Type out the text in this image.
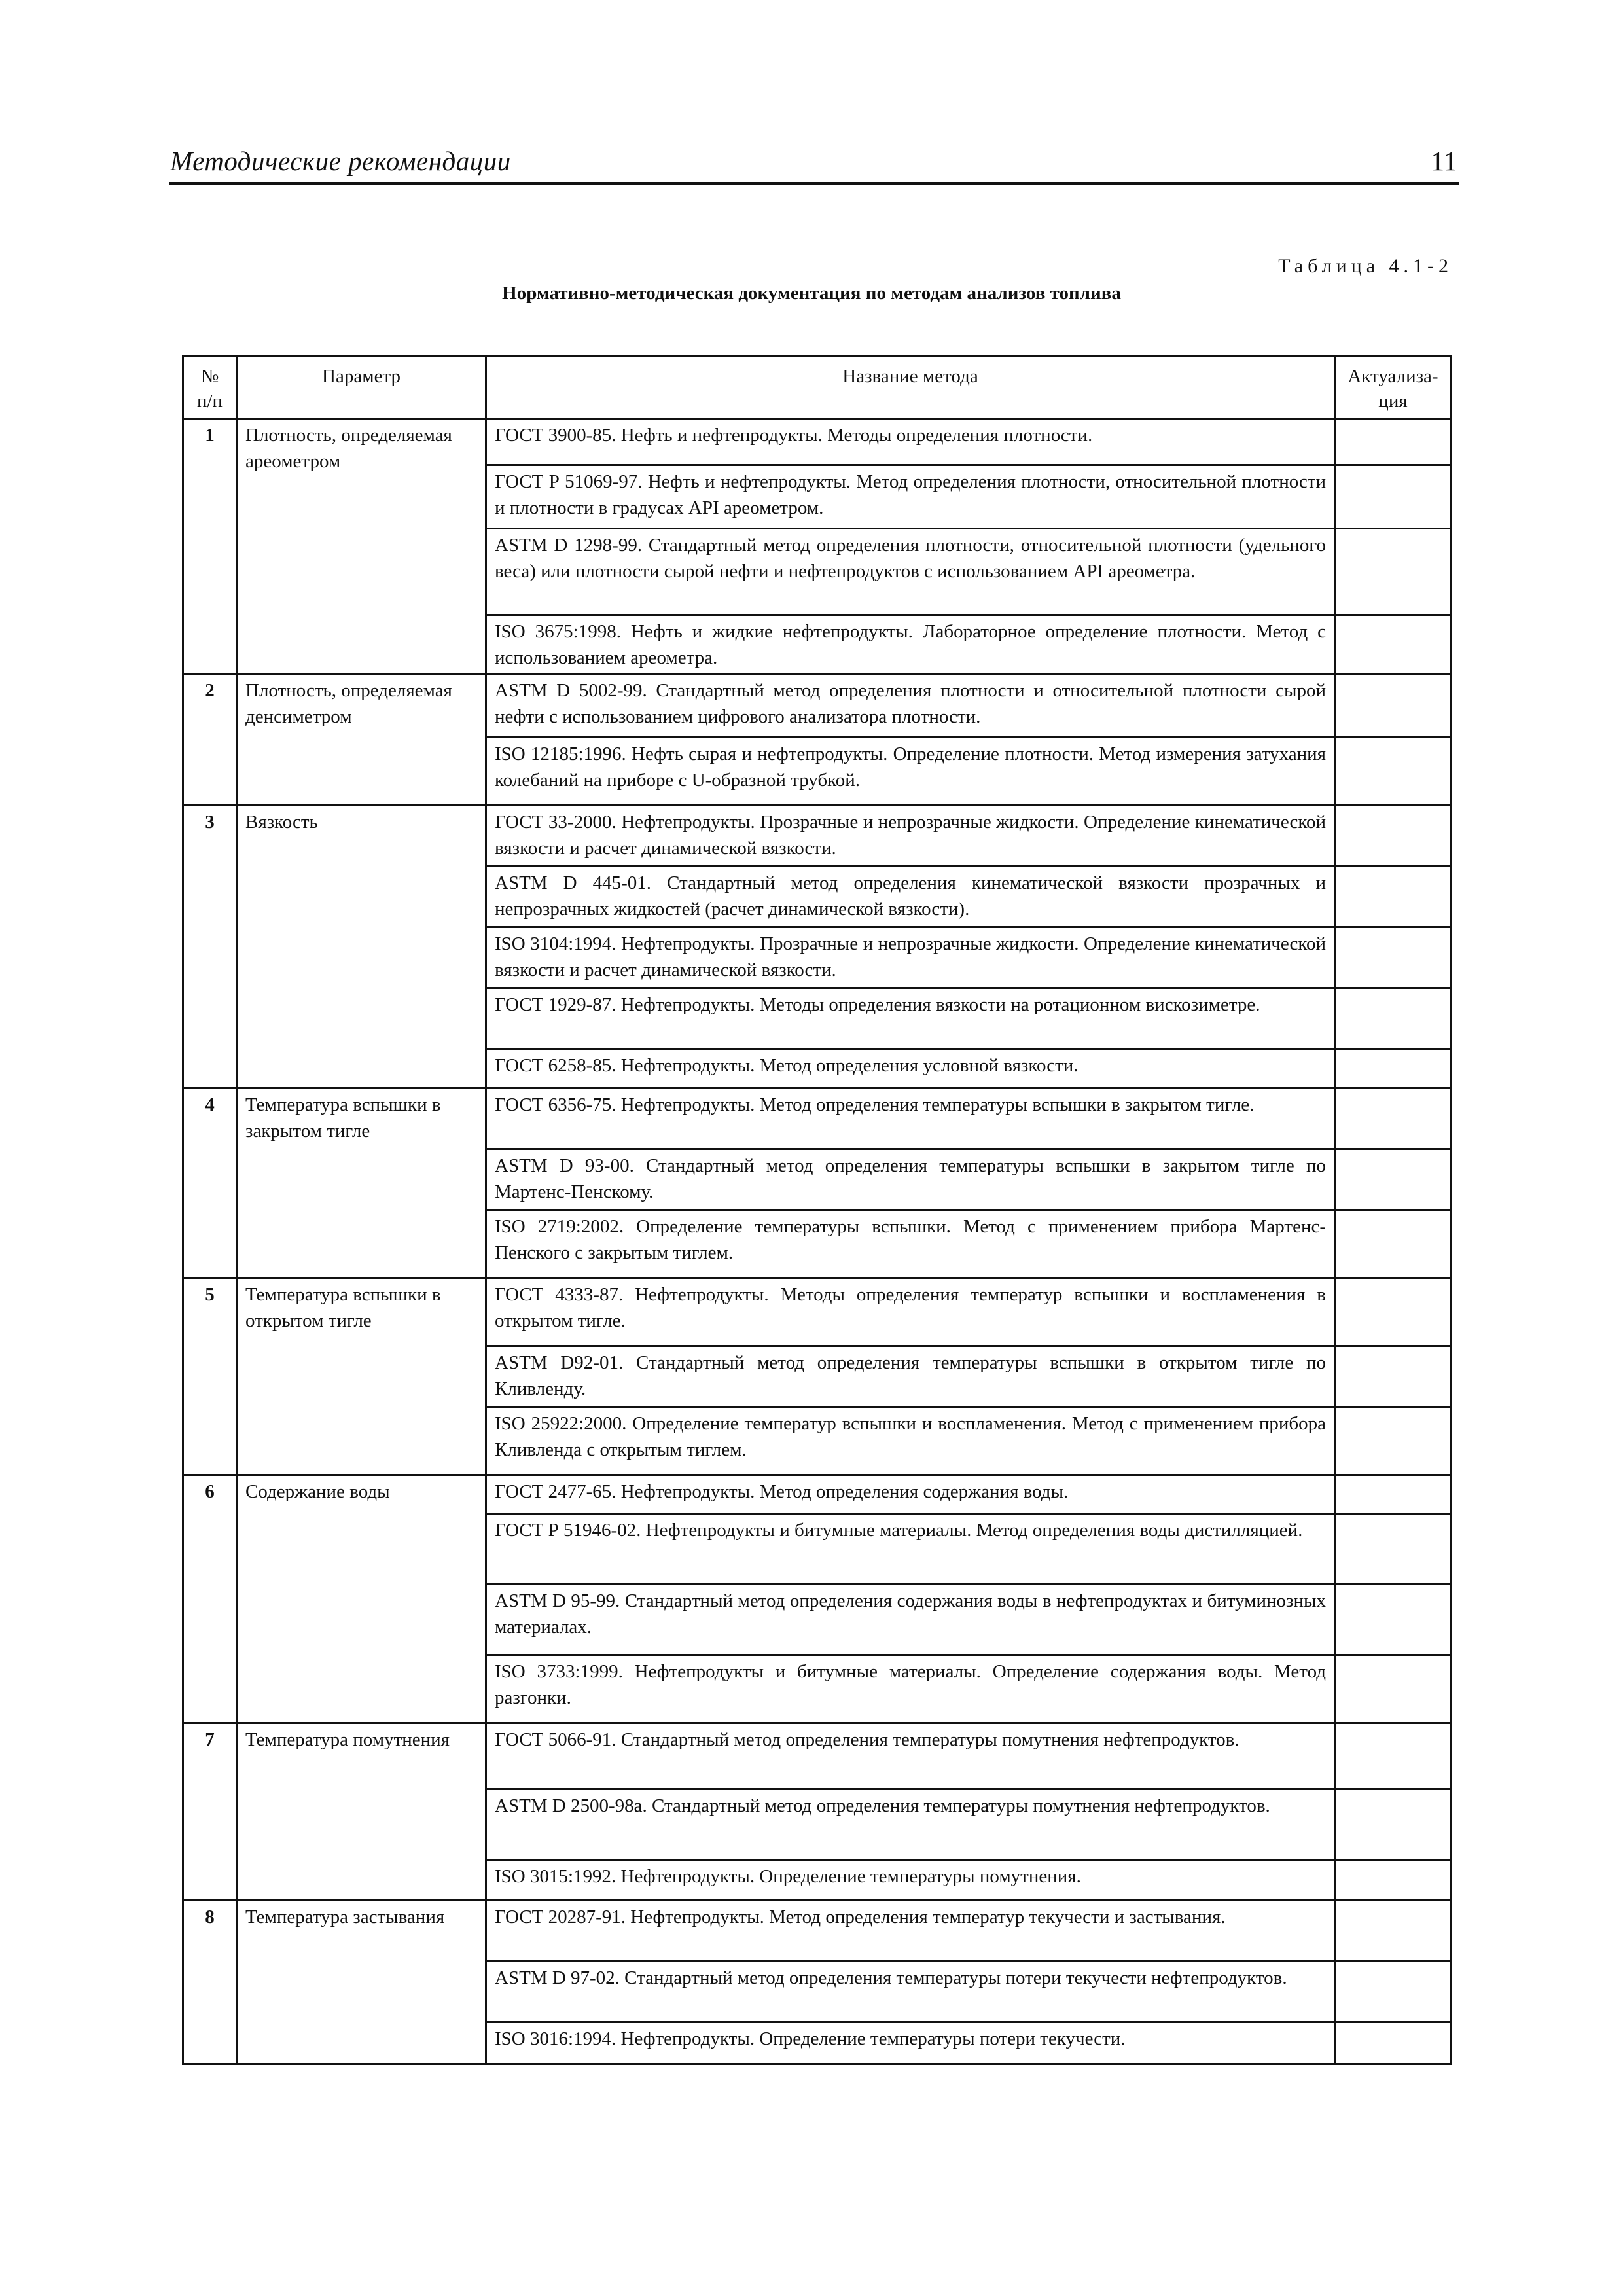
Методические рекомендации	11
Таблица 4.1-2
Нормативно-методическая документация по методам анализов топлива
№ п/п	Параметр	Название метода	Актуализа-ция
1	Плотность, определяемая ареометром	ГОСТ 3900-85. Нефть и нефтепродукты. Методы определения плотности.	
		ГОСТ Р 51069-97. Нефть и нефтепродукты. Метод определения плотности, относительной плотности и плотности в градусах API ареометром.	
		ASTM D 1298-99. Стандартный метод определения плотности, относительной плотности (удельного веса) или плотности сырой нефти и нефтепродуктов с использованием API ареометра.	
		ISO 3675:1998. Нефть и жидкие нефтепродукты. Лабораторное определение плотности. Метод с использованием ареометра.	
2	Плотность, определяемая денсиметром	ASTM D 5002-99. Стандартный метод определения плотности и относительной плотности сырой нефти с использованием цифрового анализатора плотности.	
		ISO 12185:1996. Нефть сырая и нефтепродукты. Определение плотности. Метод измерения затухания колебаний на приборе с U-образной трубкой.	
3	Вязкость	ГОСТ 33-2000. Нефтепродукты. Прозрачные и непрозрачные жидкости. Определение кинематической вязкости и расчет динамической вязкости.	
		ASTM D 445-01. Стандартный метод определения кинематической вязкости прозрачных и непрозрачных жидкостей (расчет динамической вязкости).	
		ISO 3104:1994. Нефтепродукты. Прозрачные и непрозрачные жидкости. Определение кинематической вязкости и расчет динамической вязкости.	
		ГОСТ 1929-87. Нефтепродукты. Методы определения вязкости на ротационном вискозиметре.	
		ГОСТ 6258-85. Нефтепродукты. Метод определения условной вязкости.	
4	Температура вспышки в закрытом тигле	ГОСТ 6356-75. Нефтепродукты. Метод определения температуры вспышки в закрытом тигле.	
		ASTM D 93-00. Стандартный метод определения температуры вспышки в закрытом тигле по Мартенс-Пенскому.	
		ISO 2719:2002. Определение температуры вспышки. Метод с применением прибора Мартенс-Пенского с закрытым тиглем.	
5	Температура вспышки в открытом тигле	ГОСТ 4333-87. Нефтепродукты. Методы определения температур вспышки и воспламенения в открытом тигле.	
		ASTM D92-01. Стандартный метод определения температуры вспышки в открытом тигле по Кливленду.	
		ISO 25922:2000. Определение температур вспышки и воспламенения. Метод с применением прибора Кливленда с открытым тиглем.	
6	Содержание воды	ГОСТ 2477-65. Нефтепродукты. Метод определения содержания воды.	
		ГОСТ Р 51946-02. Нефтепродукты и битумные материалы. Метод определения воды дистилляцией.	
		ASTM D 95-99. Стандартный метод определения содержания воды в нефтепродуктах и битуминозных материалах.	
		ISO 3733:1999. Нефтепродукты и битумные материалы. Определение содержания воды. Метод разгонки.	
7	Температура помутнения	ГОСТ 5066-91. Стандартный метод определения температуры помутнения нефтепродуктов.	
		ASTM D 2500-98a. Стандартный метод определения температуры помутнения нефтепродуктов.	
		ISO 3015:1992. Нефтепродукты. Определение температуры помутнения.	
8	Температура застывания	ГОСТ 20287-91. Нефтепродукты. Метод определения температур текучести и застывания.	
		ASTM D 97-02. Стандартный метод определения температуры потери текучести нефтепродуктов.	
		ISO 3016:1994. Нефтепродукты. Определение температуры потери текучести.	
